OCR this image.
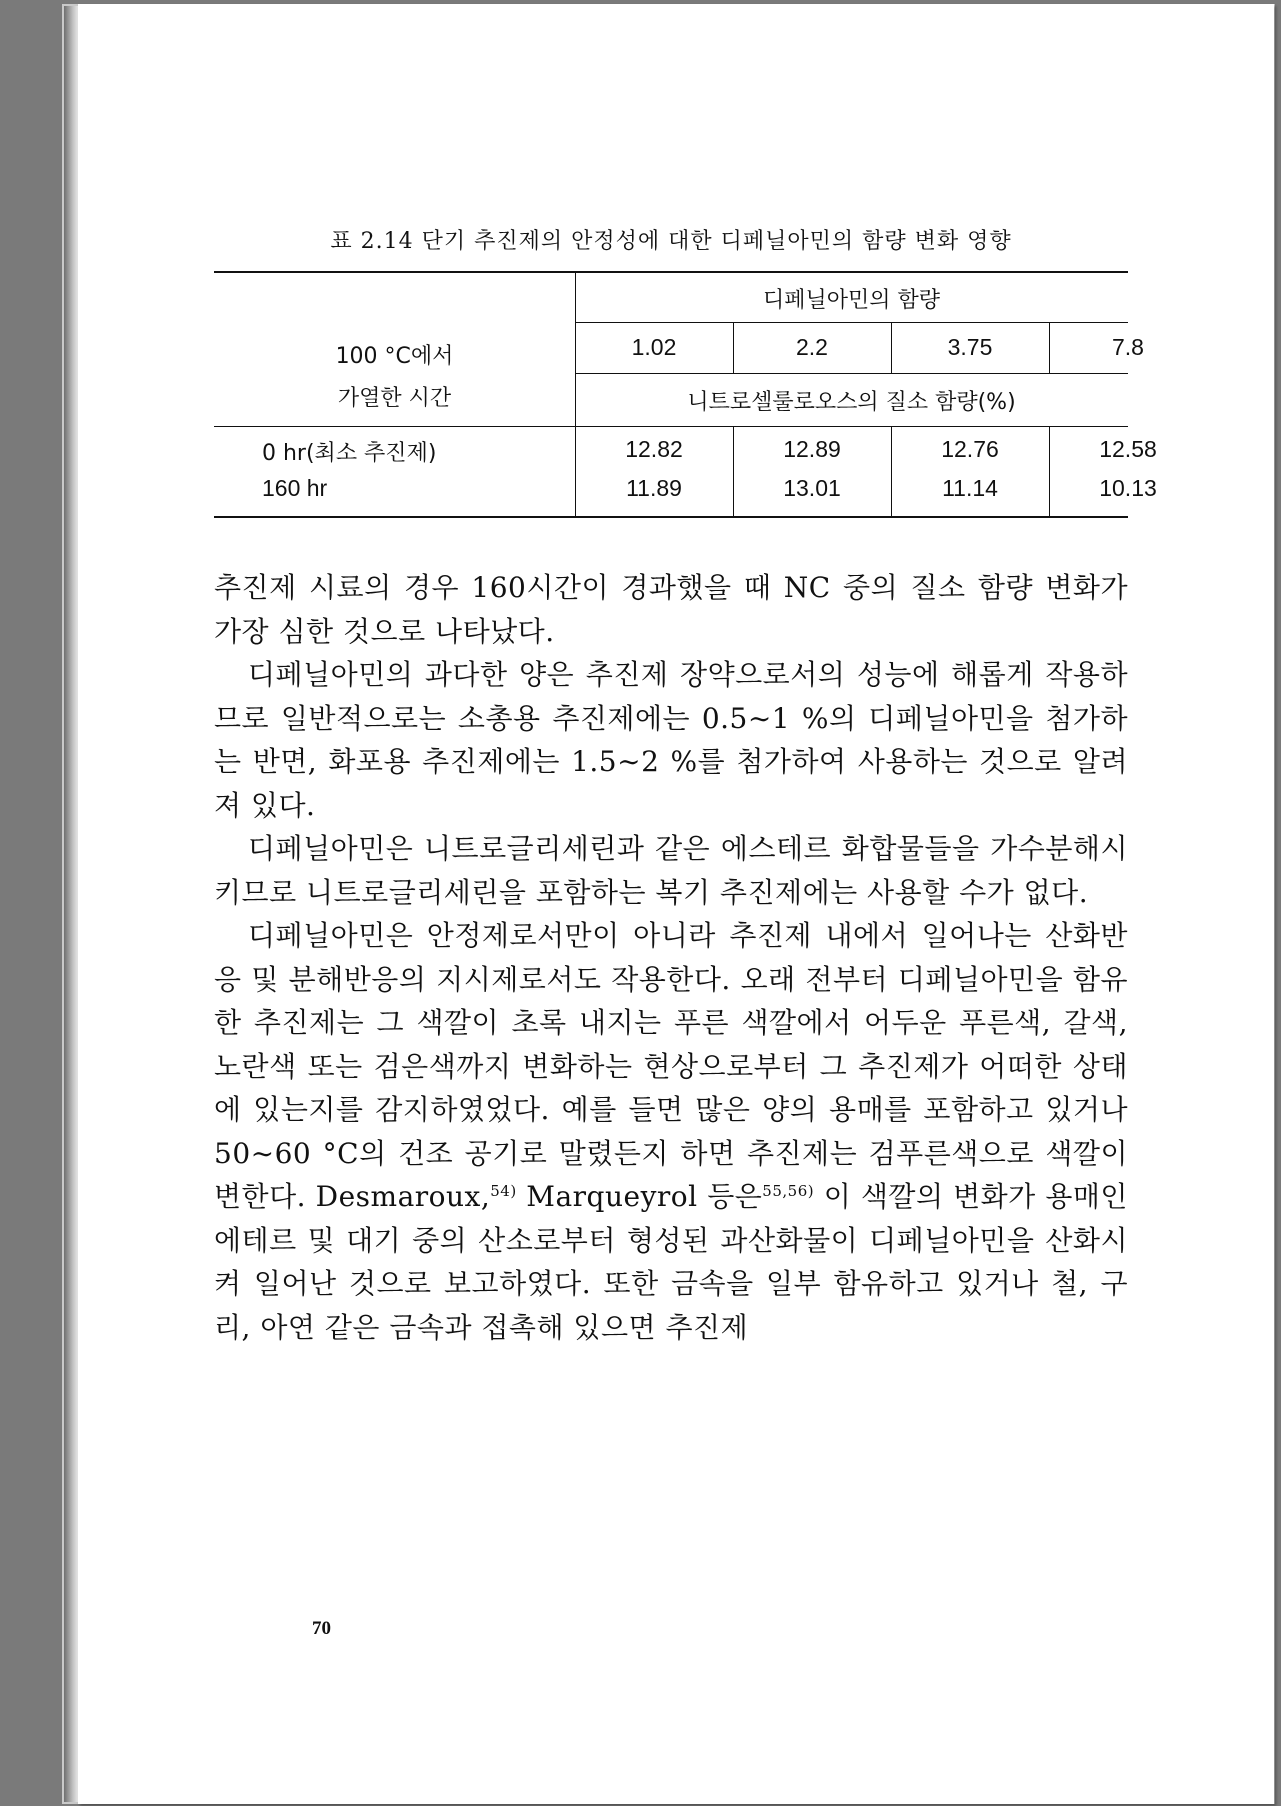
표 2.14 단기 추진제의 안정성에 대한 디페닐아민의 함량 변화 영향
100 °C에서
가열한 시간
디페닐아민의 함량
니트로셀룰로오스의 질소 함량(%)
1.02	2.2	3.75	7.8
0 hr(최소 추진제)	12.82	12.89	12.76	12.58
160 hr	11.89	13.01	11.14	10.13

추진제 시료의 경우 160시간이 경과했을 때 NC 중의 질소 함량 변화가 가장 심한 것으로 나타났다.

디페닐아민의 과다한 양은 추진제 장약으로서의 성능에 해롭게 작용하므로 일반적으로는 소총용 추진제에는 0.5∼1 %의 디페닐아민을 첨가하는 반면, 화포용 추진제에는 1.5∼2 %를 첨가하여 사용하는 것으로 알려져 있다.

디페닐아민은 니트로글리세린과 같은 에스테르 화합물들을 가수분해시키므로 니트로글리세린을 포함하는 복기 추진제에는 사용할 수가 없다.

디페닐아민은 안정제로서만이 아니라 추진제 내에서 일어나는 산화반응 및 분해반응의 지시제로서도 작용한다. 오래 전부터 디페닐아민을 함유한 추진제는 그 색깔이 초록 내지는 푸른 색깔에서 어두운 푸른색, 갈색, 노란색 또는 검은색까지 변화하는 현상으로부터 그 추진제가 어떠한 상태에 있는지를 감지하였었다. 예를 들면 많은 양의 용매를 포함하고 있거나 50∼60 °C의 건조 공기로 말렸든지 하면 추진제는 검푸른색으로 색깔이 변한다. Desmaroux,$^{54)}$ Marqueyrol 등은$^{55,56)}$ 이 색깔의 변화가 용매인 에테르 및 대기 중의 산소로부터 형성된 과산화물이 디페닐아민을 산화시켜 일어난 것으로 보고하였다. 또한 금속을 일부 함유하고 있거나 철, 구리, 아연 같은 금속과 접촉해 있으면 추진제

70
